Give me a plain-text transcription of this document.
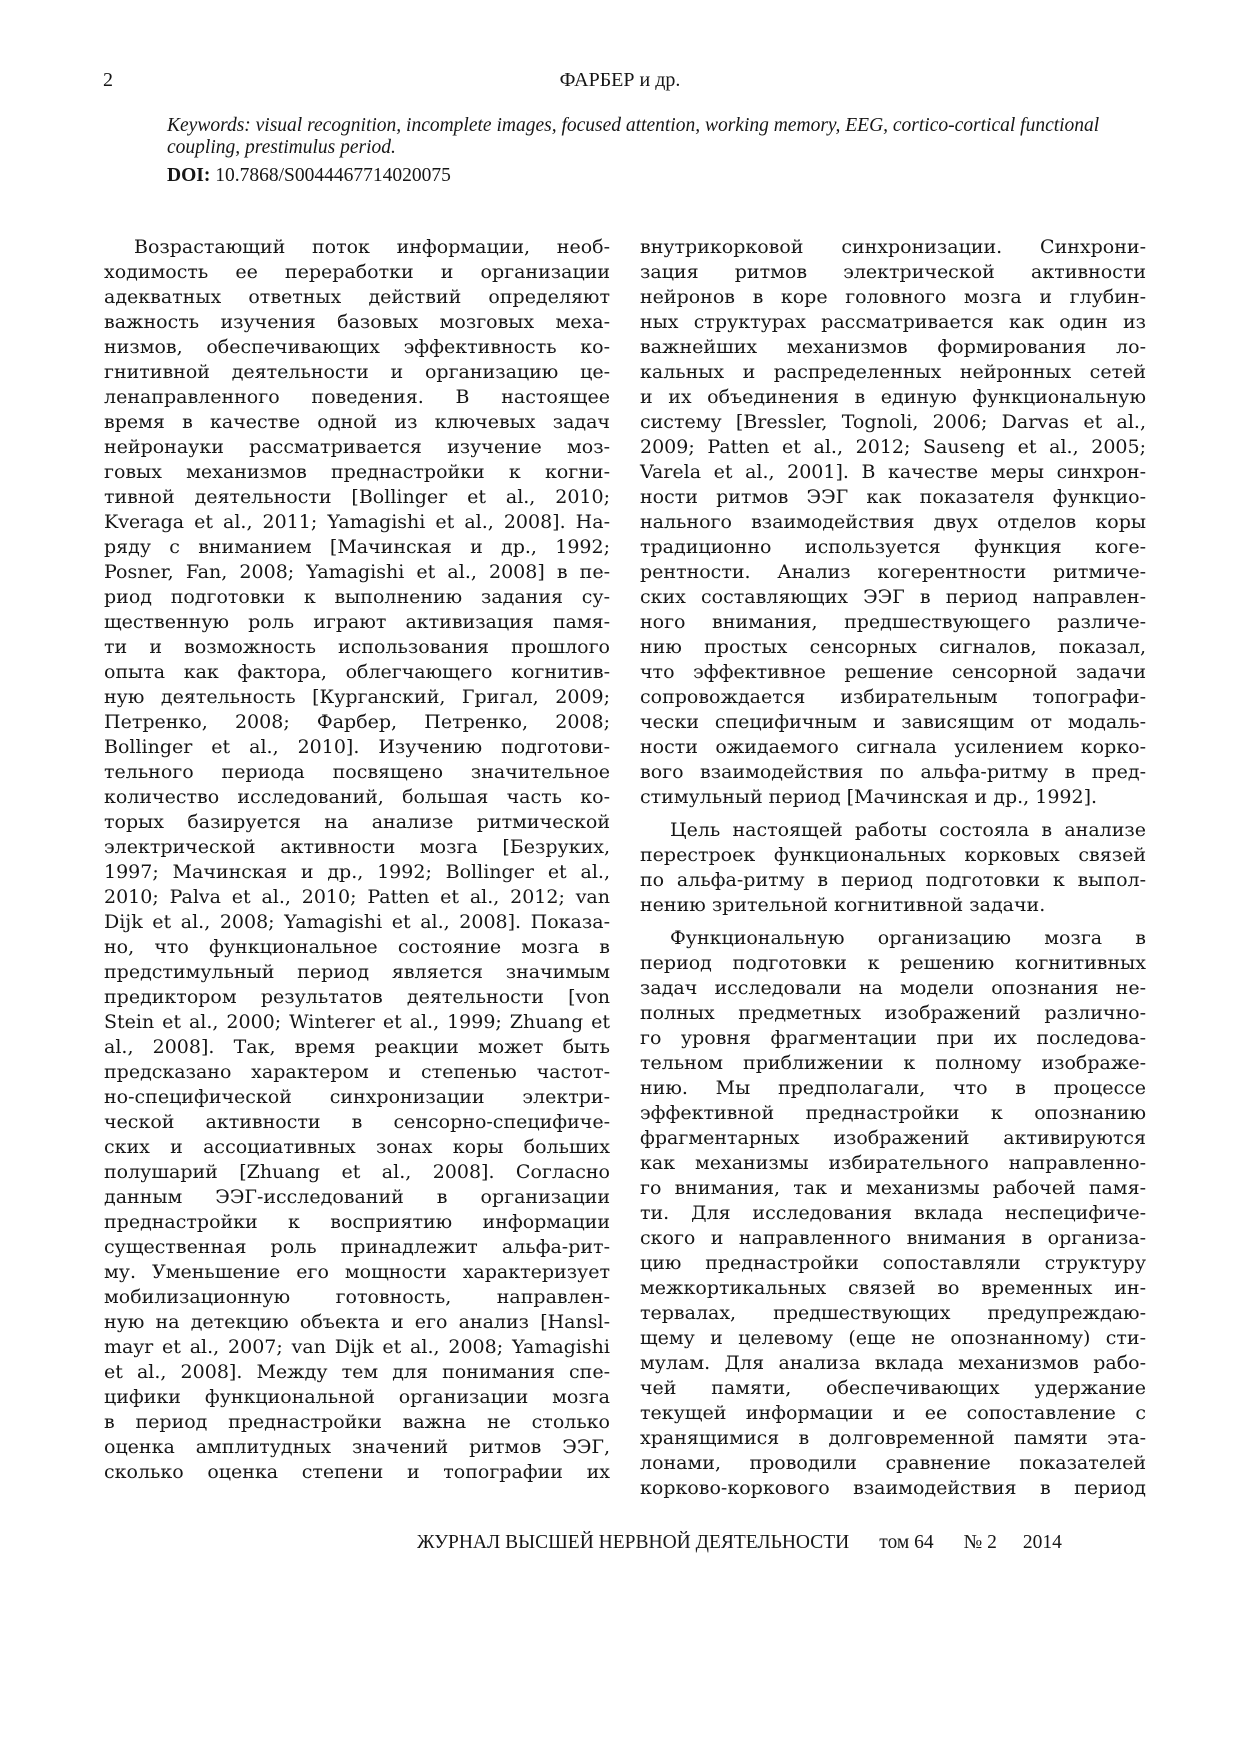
2	ФАРБЕР и др.
Keywords: visual recognition, incomplete images, focused attention, working memory, EEG, cortico-cortical functional coupling, prestimulus period.
DOI: 10.7868/S0044467714020075
Возрастающий поток информации, необ-
ходимость ее переработки и организации
адекватных ответных действий определяют
важность изучения базовых мозговых меха-
низмов, обеспечивающих эффективность ко-
гнитивной деятельности и организацию це-
ленаправленного поведения. В настоящее
время в качестве одной из ключевых задач
нейронауки рассматривается изучение моз-
говых механизмов преднастройки к когни-
тивной деятельности [Bollinger et al., 2010;
Kveraga et al., 2011; Yamagishi et al., 2008]. На-
ряду с вниманием [Мачинская и др., 1992;
Posner, Fan, 2008; Yamagishi et al., 2008] в пе-
риод подготовки к выполнению задания су-
щественную роль играют активизация памя-
ти и возможность использования прошлого
опыта как фактора, облегчающего когнитив-
ную деятельность [Курганский, Григал, 2009;
Петренко, 2008; Фарбер, Петренко, 2008;
Bollinger et al., 2010]. Изучению подготови-
тельного периода посвящено значительное
количество исследований, большая часть ко-
торых базируется на анализе ритмической
электрической активности мозга [Безруких,
1997; Мачинская и др., 1992; Bollinger et al.,
2010; Palva et al., 2010; Patten et al., 2012; van
Dijk et al., 2008; Yamagishi et al., 2008]. Показа-
но, что функциональное состояние мозга в
предстимульный период является значимым
предиктором результатов деятельности [von
Stein et al., 2000; Winterer et al., 1999; Zhuang et
al., 2008]. Так, время реакции может быть
предсказано характером и степенью частот-
но-специфической синхронизации электри-
ческой активности в сенсорно-специфиче-
ских и ассоциативных зонах коры больших
полушарий [Zhuang et al., 2008]. Согласно
данным ЭЭГ-исследований в организации
преднастройки к восприятию информации
существенная роль принадлежит альфа-рит-
му. Уменьшение его мощности характеризует
мобилизационную готовность, направлен-
ную на детекцию объекта и его анализ [Hansl-
mayr et al., 2007; van Dijk et al., 2008; Yamagishi
et al., 2008]. Между тем для понимания спе-
цифики функциональной организации мозга
в период преднастройки важна не столько
оценка амплитудных значений ритмов ЭЭГ,
сколько оценка степени и топографии их
внутрикорковой синхронизации. Синхрони-
зация ритмов электрической активности
нейронов в коре головного мозга и глубин-
ных структурах рассматривается как один из
важнейших механизмов формирования ло-
кальных и распределенных нейронных сетей
и их объединения в единую функциональную
систему [Bressler, Tognoli, 2006; Darvas et al.,
2009; Patten et al., 2012; Sauseng et al., 2005;
Varela et al., 2001]. В качестве меры синхрон-
ности ритмов ЭЭГ как показателя функцио-
нального взаимодействия двух отделов коры
традиционно используется функция коге-
рентности. Анализ когерентности ритмиче-
ских составляющих ЭЭГ в период направлен-
ного внимания, предшествующего различе-
нию простых сенсорных сигналов, показал,
что эффективное решение сенсорной задачи
сопровождается избирательным топографи-
чески специфичным и зависящим от модаль-
ности ожидаемого сигнала усилением корко-
вого взаимодействия по альфа-ритму в пред-
стимульный период [Мачинская и др., 1992].
Цель настоящей работы состояла в анализе
перестроек функциональных корковых связей
по альфа-ритму в период подготовки к выпол-
нению зрительной когнитивной задачи.
Функциональную организацию мозга в
период подготовки к решению когнитивных
задач исследовали на модели опознания не-
полных предметных изображений различно-
го уровня фрагментации при их последова-
тельном приближении к полному изображе-
нию. Мы предполагали, что в процессе
эффективной преднастройки к опознанию
фрагментарных изображений активируются
как механизмы избирательного направленно-
го внимания, так и механизмы рабочей памя-
ти. Для исследования вклада неспецифиче-
ского и направленного внимания в организа-
цию преднастройки сопоставляли структуру
межкортикальных связей во временных ин-
тервалах, предшествующих предупреждаю-
щему и целевому (еще не опознанному) сти-
мулам. Для анализа вклада механизмов рабо-
чей памяти, обеспечивающих удержание
текущей информации и ее сопоставление с
хранящимися в долговременной памяти эта-
лонами, проводили сравнение показателей
корково-коркового взаимодействия в период
ЖУРНАЛ ВЫСШЕЙ НЕРВНОЙ ДЕЯТЕЛЬНОСТИ том 64 № 2 2014
